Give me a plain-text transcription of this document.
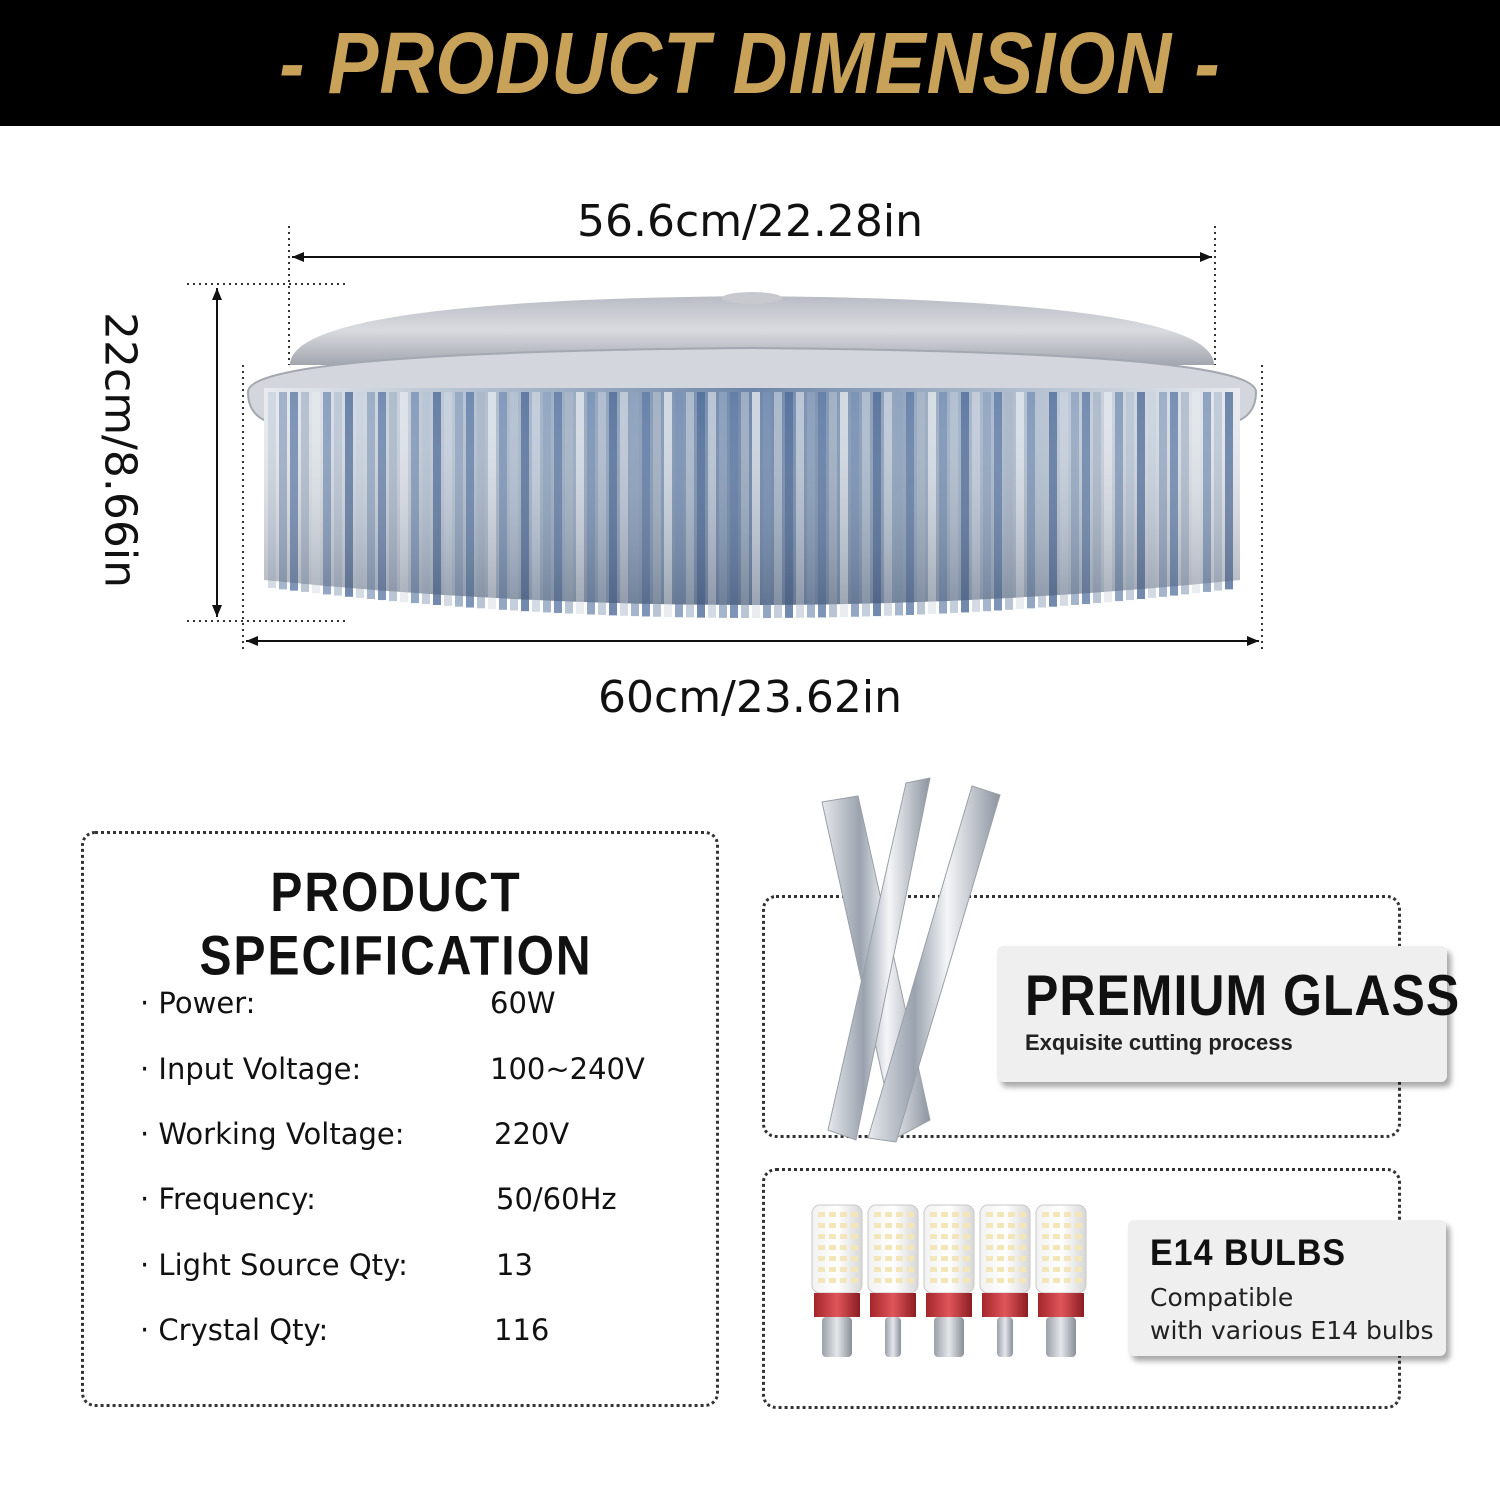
- PRODUCT DIMENSION -
56.6cm/22.28in
60cm/23.62in
22cm/8.66in
PRODUCT SPECIFICATION
· Power:	60W
· Input Voltage:	100~240V
· Working Voltage:	220V
· Frequency:	50/60Hz
· Light Source Qty:	13
· Crystal Qty:	116
PREMIUM GLASS
Exquisite cutting process
E14 BULBS
Compatible
with various E14 bulbs
